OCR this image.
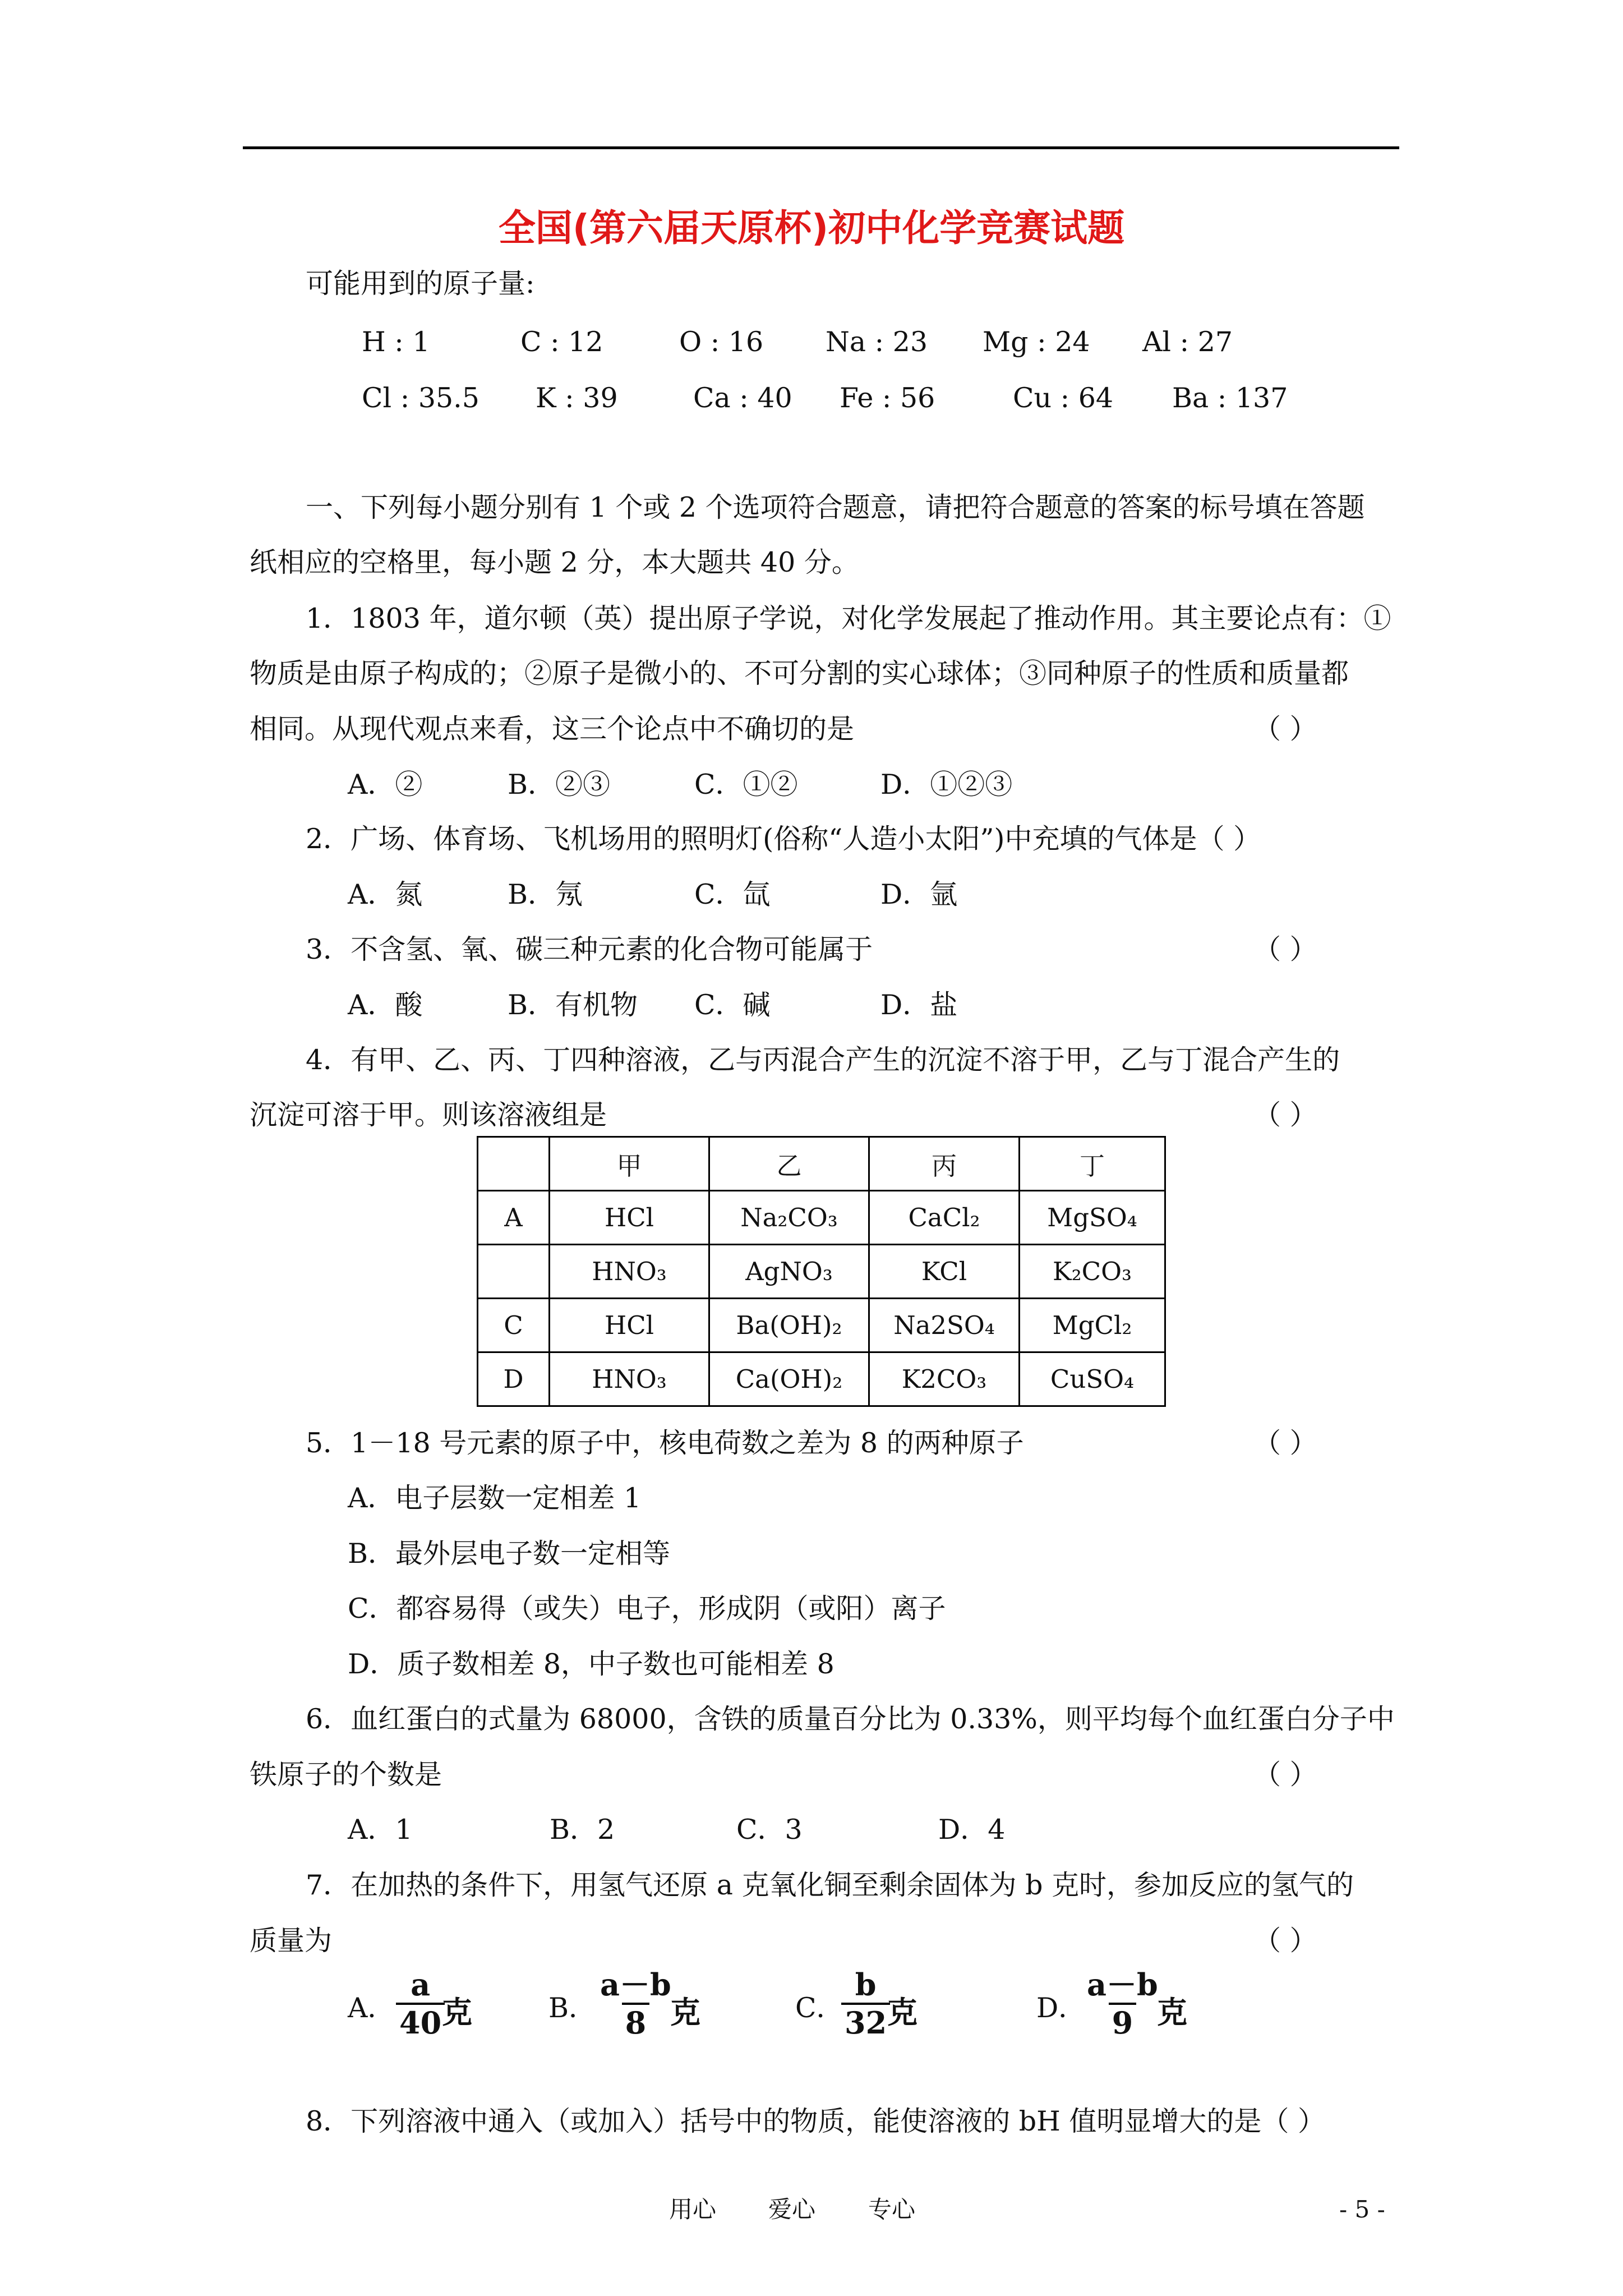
全国(第六届天原杯)初中化学竞赛试题
可能用到的原子量:
H : 1	C : 12	O : 16 Na : 23 Mg : 24 Al : 27
Cl : 35.5 K : 39	Ca : 40 Fe : 56	Cu : 64 Ba : 137
一、下列每小题分别有 1 个或 2 个选项符合题意，请把符合题意的答案的标号填在答题
纸相应的空格里，每小题 2 分，本大题共 40 分。
1．1803 年，道尔顿（英）提出原子学说，对化学发展起了推动作用。其主要论点有：①
物质是由原子构成的；②原子是微小的、不可分割的实心球体；③同种原子的性质和质量都
相同。从现代观点来看，这三个论点中不确切的是	（ ）
A．②	B．②③	C．①②	D．①②③
2．广场、体育场、飞机场用的照明灯(俗称“人造小太阳”)中充填的气体是（ ）
A．氮	B．氖	C．氙	D．氩
3．不含氢、氧、碳三种元素的化合物可能属于	（ ）
A．酸	B．有机物 C．碱	D．盐
4．有甲、乙、丙、丁四种溶液，乙与丙混合产生的沉淀不溶于甲，乙与丁混合产生的
沉淀可溶于甲。则该溶液组是	（ ）
	甲	乙	丙	丁
A	HCl	Na₂CO₃	CaCl₂	MgSO₄
	HNO₃	AgNO₃	KCl	K₂CO₃
C	HCl	Ba(OH)₂	Na2SO₄	MgCl₂
D	HNO₃	Ca(OH)₂	K2CO₃	CuSO₄
5．1－18 号元素的原子中，核电荷数之差为 8 的两种原子	（ ）
A．电子层数一定相差 1
B．最外层电子数一定相等
C．都容易得（或失）电子，形成阴（或阳）离子
D．质子数相差 8，中子数也可能相差 8
6．血红蛋白的式量为 68000，含铁的质量百分比为 0.33%，则平均每个血红蛋白分子中
铁原子的个数是	（ ）
A．1	B．2	C．3	D．4
7．在加热的条件下，用氢气还原 a 克氧化铜至剩余固体为 b 克时，参加反应的氢气的
质量为	（ ）
A． $\frac{a}{40}$
克	B． $\frac{a-b}{8}$
克	C．
$\frac{b}{32}$
克	D．
$\frac{a-b}{9}$
克
8．下列溶液中通入（或加入）括号中的物质，能使溶液的 bH 值明显增大的是（ ）
用心 爱心 专心	- 5 -
